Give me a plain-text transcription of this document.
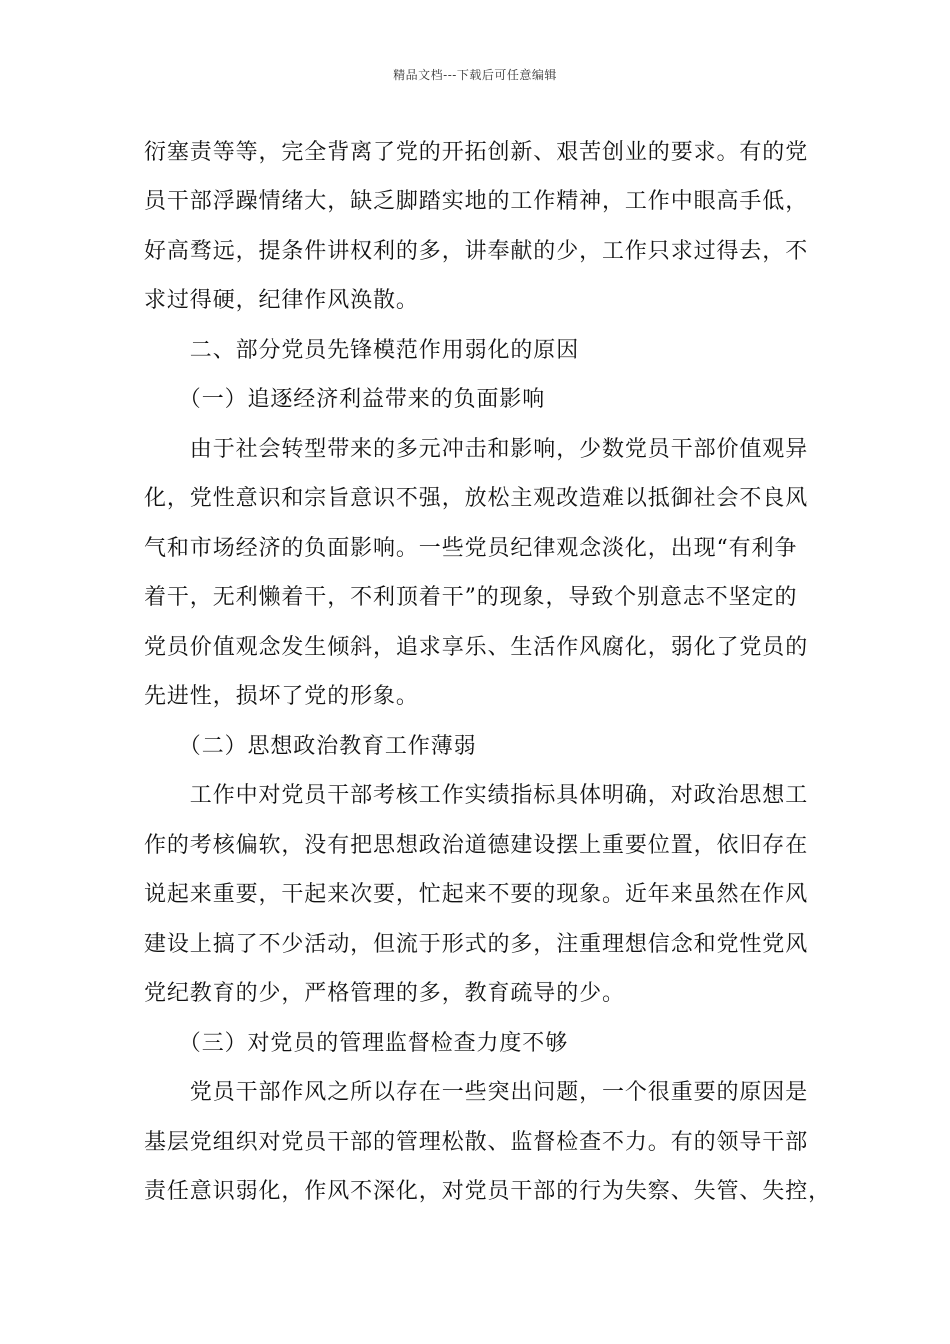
精品文档---下载后可任意编辑
衍塞责等等，完全背离了党的开拓创新、艰苦创业的要求。有的党
员干部浮躁情绪大，缺乏脚踏实地的工作精神，工作中眼高手低，
好高骛远，提条件讲权利的多，讲奉献的少，工作只求过得去，不
求过得硬，纪律作风涣散。
　　二、部分党员先锋模范作用弱化的原因
　　（一）追逐经济利益带来的负面影响
　　由于社会转型带来的多元冲击和影响，少数党员干部价值观异
化，党性意识和宗旨意识不强，放松主观改造难以抵御社会不良风
气和市场经济的负面影响。一些党员纪律观念淡化，出现“有利争
着干，无利懒着干，不利顶着干”的现象，导致个别意志不坚定的
党员价值观念发生倾斜，追求享乐、生活作风腐化，弱化了党员的
先进性，损坏了党的形象。
　　（二）思想政治教育工作薄弱
　　工作中对党员干部考核工作实绩指标具体明确，对政治思想工
作的考核偏软，没有把思想政治道德建设摆上重要位置，依旧存在
说起来重要，干起来次要，忙起来不要的现象。近年来虽然在作风
建设上搞了不少活动，但流于形式的多，注重理想信念和党性党风
党纪教育的少，严格管理的多，教育疏导的少。
　　（三）对党员的管理监督检查力度不够
　　党员干部作风之所以存在一些突出问题，一个很重要的原因是
基层党组织对党员干部的管理松散、监督检查不力。有的领导干部
责任意识弱化，作风不深化，对党员干部的行为失察、失管、失控，
